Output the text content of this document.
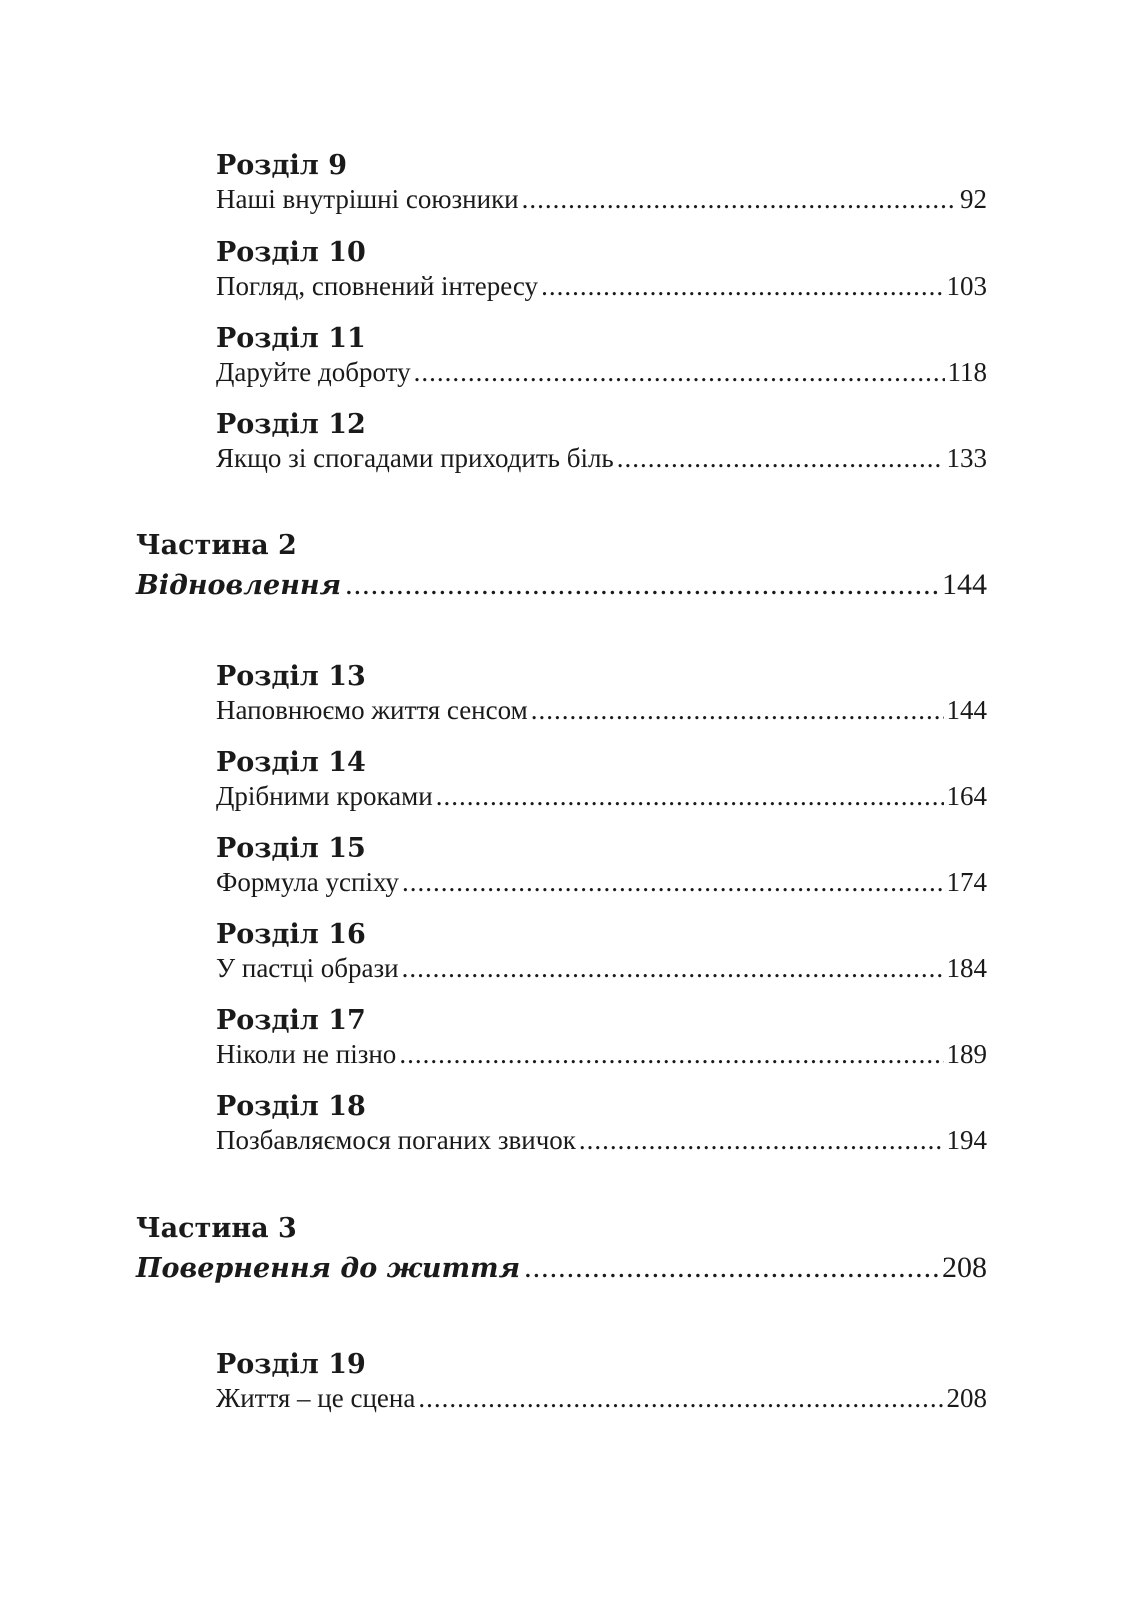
Розділ 9
Наші внутрішні союзники .....	92
Розділ 10
Погляд, сповнений інтересу .....	103
Розділ 11
Даруйте доброту .....	118
Розділ 12
Якщо зі спогадами приходить біль .....	133
Частина 2
Відновлення .....	144
Розділ 13
Наповнюємо життя сенсом .....	144
Розділ 14
Дрібними кроками .....	164
Розділ 15
Формула успіху .....	174
Розділ 16
У пастці образи .....	184
Розділ 17
Ніколи не пізно .....	189
Розділ 18
Позбавляємося поганих звичок .....	194
Частина 3
Повернення до життя .....	208
Розділ 19
Життя – це сцена .....	208
